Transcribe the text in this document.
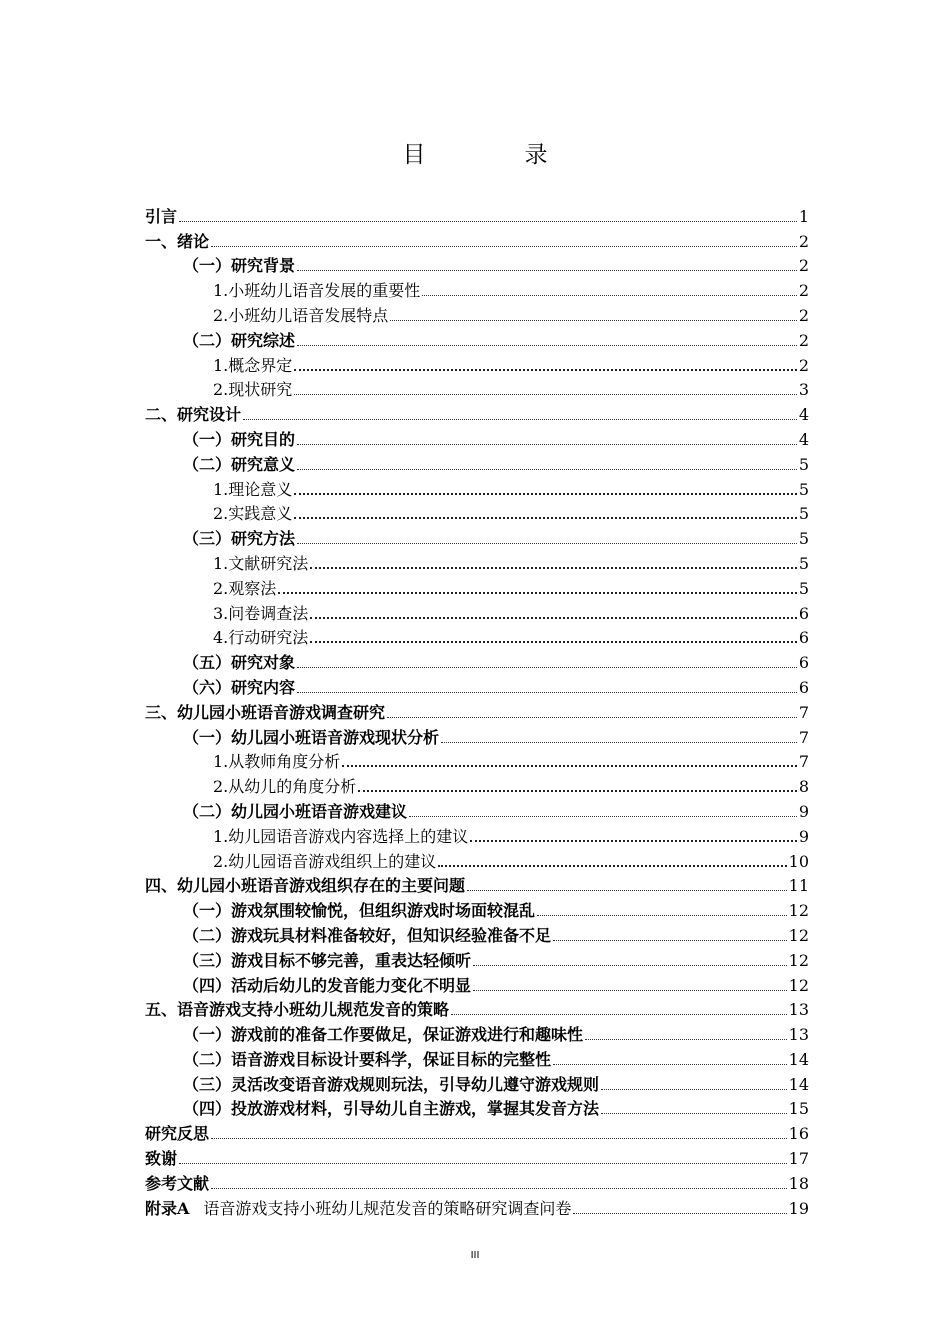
目　录
引言	1
一、绪论	2
（一）研究背景	2
1.小班幼儿语音发展的重要性	2
2.小班幼儿语音发展特点	2
（二）研究综述	2
1.概念界定	2
2.现状研究	3
二、研究设计	4
（一）研究目的	4
（二）研究意义	5
1.理论意义	5
2.实践意义	5
（三）研究方法	5
1.文献研究法	5
2.观察法	5
3.问卷调查法	6
4.行动研究法	6
（五）研究对象	6
（六）研究内容	6
三、幼儿园小班语音游戏调查研究	7
（一）幼儿园小班语音游戏现状分析	7
1.从教师角度分析	7
2.从幼儿的角度分析	8
（二）幼儿园小班语音游戏建议	9
1.幼儿园语音游戏内容选择上的建议	9
2.幼儿园语音游戏组织上的建议	10
四、幼儿园小班语音游戏组织存在的主要问题	11
（一）游戏氛围较愉悦，但组织游戏时场面较混乱	12
（二）游戏玩具材料准备较好，但知识经验准备不足	12
（三）游戏目标不够完善，重表达轻倾听	12
（四）活动后幼儿的发音能力变化不明显	12
五、语音游戏支持小班幼儿规范发音的策略	13
（一）游戏前的准备工作要做足，保证游戏进行和趣味性	13
（二）语音游戏目标设计要科学，保证目标的完整性	14
（三）灵活改变语音游戏规则玩法，引导幼儿遵守游戏规则	14
（四）投放游戏材料，引导幼儿自主游戏，掌握其发音方法	15
研究反思	16
致谢	17
参考文献	18
附录A 语音游戏支持小班幼儿规范发音的策略研究调查问卷	19
III
